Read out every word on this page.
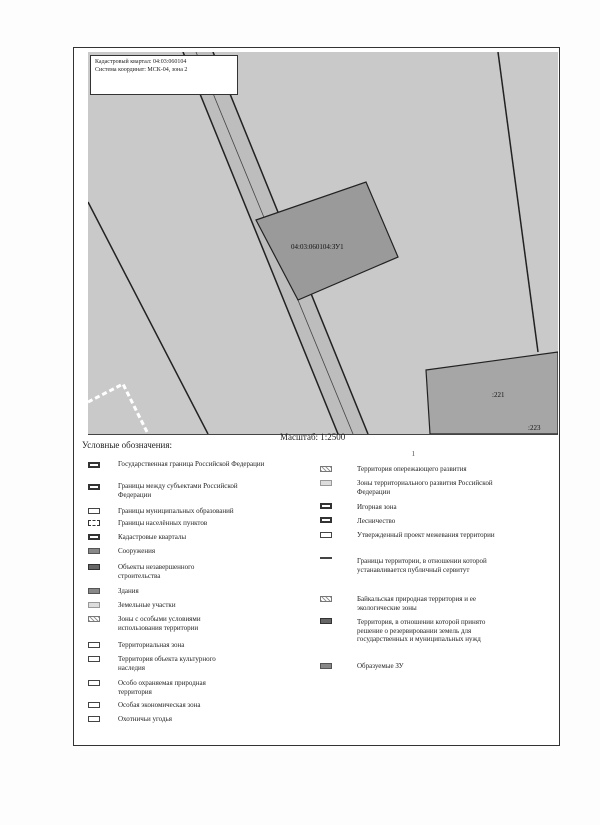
04:03:060104:ЗУ1
:221
:223
Кадастровый квартал: 04:03:060104
Система координат: МСК-04, зона 2
Масштаб: 1:2500
Условные обозначения:
Государственная граница Российской Федерации
Границы между субъектами Российской Федерации
Границы муниципальных образований
Границы населённых пунктов
Кадастровые кварталы
Сооружения
Объекты незавершенного строительства
Здания
Земельные участки
Зоны с особыми условиями использования территории
Территориальная зона
Территория объекта культурного наследия
Особо охраняемая природная территория
Особая экономическая зона
Охотничьи угодья
Территория опережающего развития
Зоны территориального развития Российской Федерации
Игорная зона
Лесничество
Утвержденный проект межевания территории
Границы территории, в отношении которой устанавливается публичный сервитут
Байкальская природная территория и ее экологические зоны
Территория, в отношении которой принято решение о резервировании земель для государственных и муниципальных нужд
Образуемые ЗУ
ı
